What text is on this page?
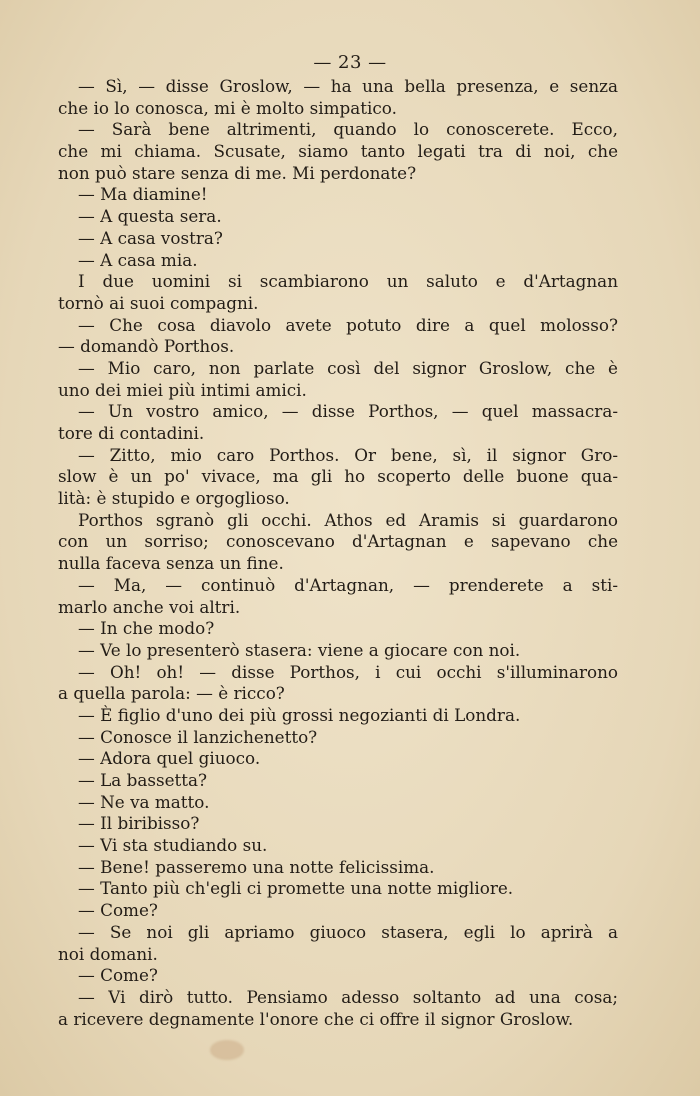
— 23 —
— Sì, — disse Groslow, — ha una bella presenza, e senza
che io lo conosca, mi è molto simpatico.
— Sarà bene altrimenti, quando lo conoscerete. Ecco,
che mi chiama. Scusate, siamo tanto legati tra di noi, che
non può stare senza di me. Mi perdonate?
— Ma diamine!
— A questa sera.
— A casa vostra?
— A casa mia.
I due uomini si scambiarono un saluto e d'Artagnan
tornò ai suoi compagni.
— Che cosa diavolo avete potuto dire a quel molosso?
— domandò Porthos.
— Mio caro, non parlate così del signor Groslow, che è
uno dei miei più intimi amici.
— Un vostro amico, — disse Porthos, — quel massacra-
tore di contadini.
— Zitto, mio caro Porthos. Or bene, sì, il signor Gro-
slow è un po' vivace, ma gli ho scoperto delle buone qua-
lità: è stupido e orgoglioso.
Porthos sgranò gli occhi. Athos ed Aramis si guardarono
con un sorriso; conoscevano d'Artagnan e sapevano che
nulla faceva senza un fine.
— Ma, — continuò d'Artagnan, — prenderete a sti-
marlo anche voi altri.
— In che modo?
— Ve lo presenterò stasera: viene a giocare con noi.
— Oh! oh! — disse Porthos, i cui occhi s'illuminarono
a quella parola: — è ricco?
— È figlio d'uno dei più grossi negozianti di Londra.
— Conosce il lanzichenetto?
— Adora quel giuoco.
— La bassetta?
— Ne va matto.
— Il biribisso?
— Vi sta studiando su.
— Bene! passeremo una notte felicissima.
— Tanto più ch'egli ci promette una notte migliore.
— Come?
— Se noi gli apriamo giuoco stasera, egli lo aprirà a
noi domani.
— Come?
— Vi dirò tutto. Pensiamo adesso soltanto ad una cosa;
a ricevere degnamente l'onore che ci offre il signor Groslow.
